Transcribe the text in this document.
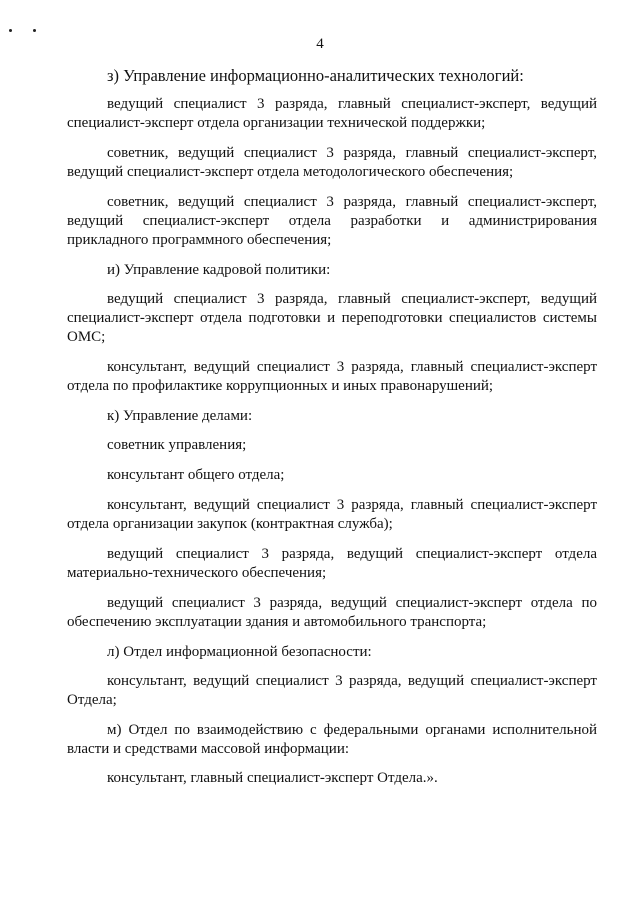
4

з) Управление информационно-аналитических технологий:

ведущий специалист 3 разряда, главный специалист-эксперт, ведущий специалист-эксперт отдела организации технической поддержки;

советник, ведущий специалист 3 разряда, главный специалист-эксперт, ведущий специалист-эксперт отдела методологического обеспечения;

советник, ведущий специалист 3 разряда, главный специалист-эксперт, ведущий специалист-эксперт отдела разработки и администрирования прикладного программного обеспечения;

и) Управление кадровой политики:

ведущий специалист 3 разряда, главный специалист-эксперт, ведущий специалист-эксперт отдела подготовки и переподготовки специалистов системы ОМС;

консультант, ведущий специалист 3 разряда, главный специалист-эксперт отдела по профилактике коррупционных и иных правонарушений;

к) Управление делами:

советник управления;

консультант общего отдела;

консультант, ведущий специалист 3 разряда, главный специалист-эксперт отдела организации закупок (контрактная служба);

ведущий специалист 3 разряда, ведущий специалист-эксперт отдела материально-технического обеспечения;

ведущий специалист 3 разряда, ведущий специалист-эксперт отдела по обеспечению эксплуатации здания и автомобильного транспорта;

л) Отдел информационной безопасности:

консультант, ведущий специалист 3 разряда, ведущий специалист-эксперт Отдела;

м) Отдел по взаимодействию с федеральными органами исполнительной власти и средствами массовой информации:

консультант, главный специалист-эксперт Отдела.».
